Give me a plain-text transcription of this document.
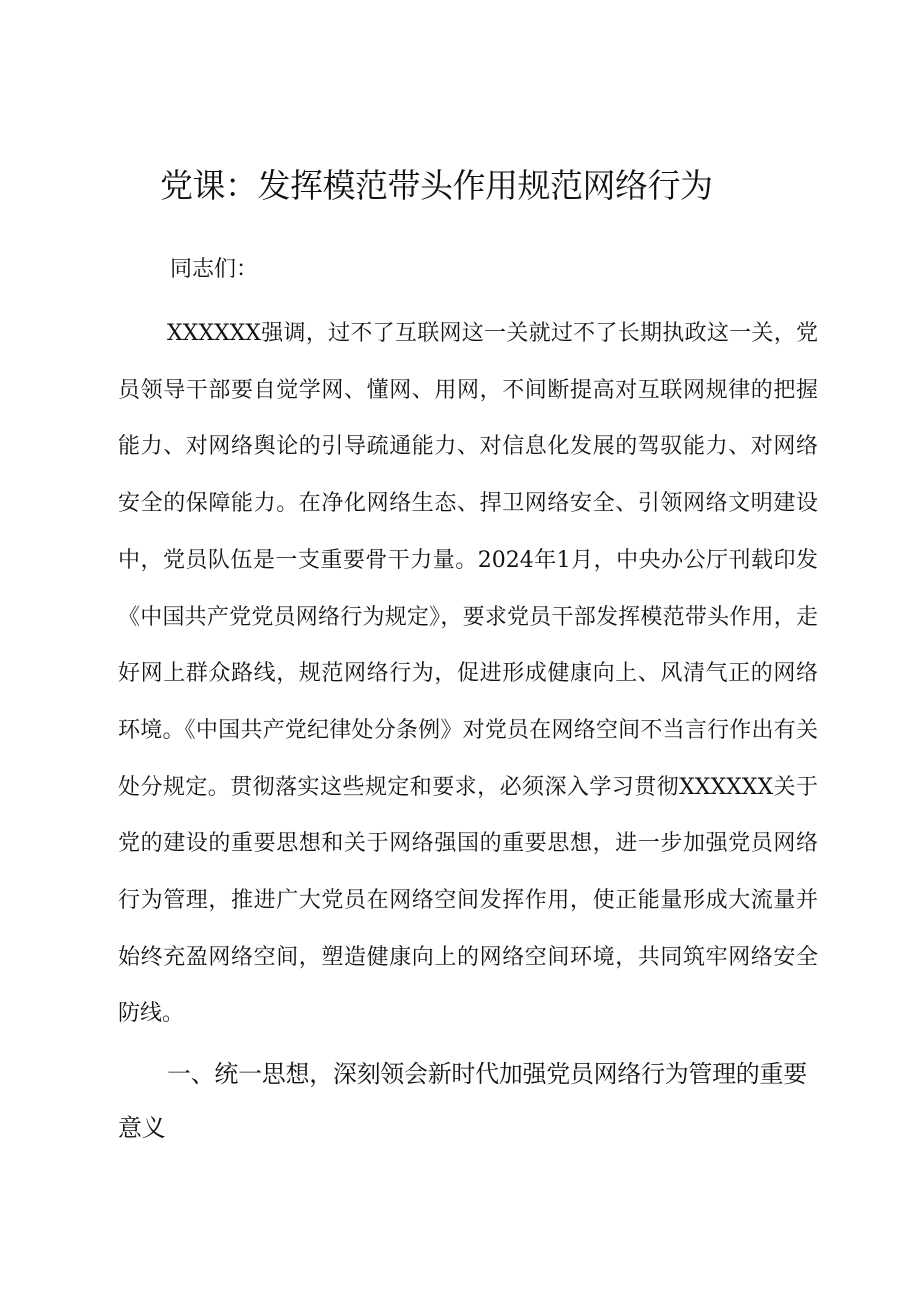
党课：发挥模范带头作用规范网络行为

同志们：

XXXXXX强调，过不了互联网这一关就过不了长期执政这一关，党员领导干部要自觉学网、懂网、用网，不间断提高对互联网规律的把握能力、对网络舆论的引导疏通能力、对信息化发展的驾驭能力、对网络安全的保障能力。在净化网络生态、捍卫网络安全、引领网络文明建设中，党员队伍是一支重要骨干力量。2024年1月，中央办公厅刊载印发《中国共产党党员网络行为规定》，要求党员干部发挥模范带头作用，走好网上群众路线，规范网络行为，促进形成健康向上、风清气正的网络环境。《中国共产党纪律处分条例》对党员在网络空间不当言行作出有关处分规定。贯彻落实这些规定和要求，必须深入学习贯彻XXXXXX关于党的建设的重要思想和关于网络强国的重要思想，进一步加强党员网络行为管理，推进广大党员在网络空间发挥作用，使正能量形成大流量并始终充盈网络空间，塑造健康向上的网络空间环境，共同筑牢网络安全防线。

一、统一思想，深刻领会新时代加强党员网络行为管理的重要意义
